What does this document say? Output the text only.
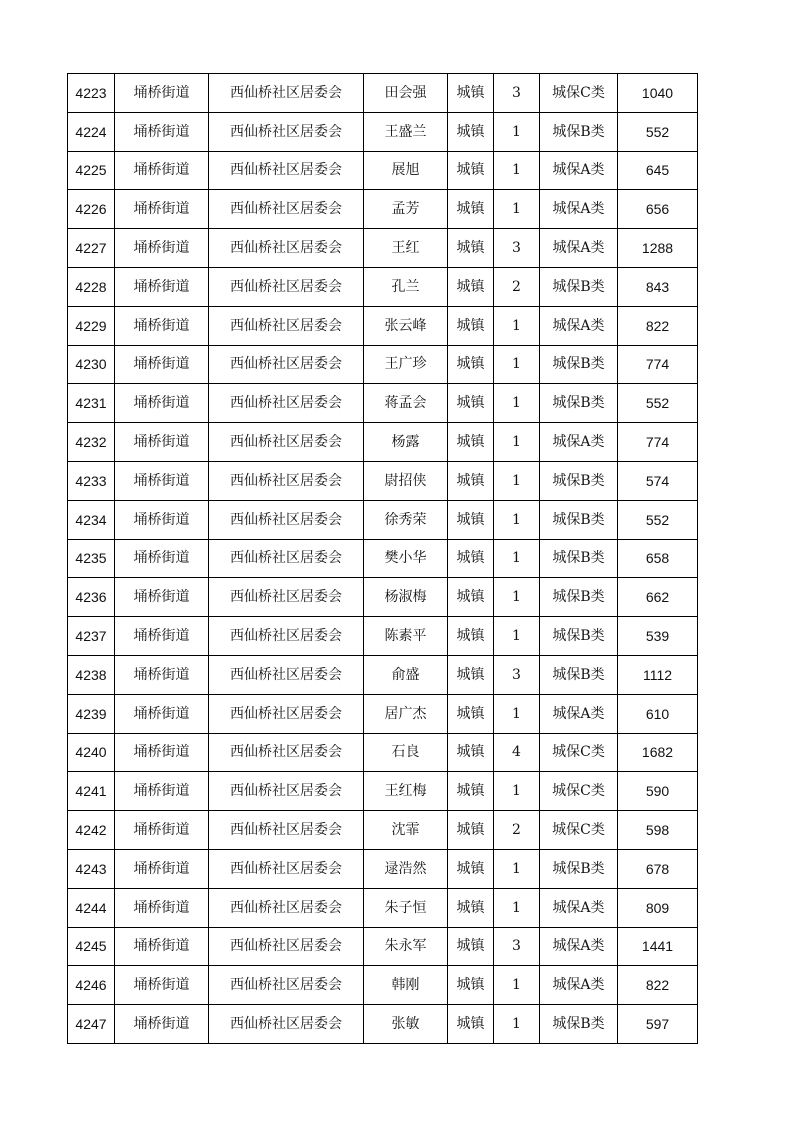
4223	埇桥街道	西仙桥社区居委会	田会强	城镇	3	城保C类	1040
4224	埇桥街道	西仙桥社区居委会	王盛兰	城镇	1	城保B类	552
4225	埇桥街道	西仙桥社区居委会	展旭	城镇	1	城保A类	645
4226	埇桥街道	西仙桥社区居委会	孟芳	城镇	1	城保A类	656
4227	埇桥街道	西仙桥社区居委会	王红	城镇	3	城保A类	1288
4228	埇桥街道	西仙桥社区居委会	孔兰	城镇	2	城保B类	843
4229	埇桥街道	西仙桥社区居委会	张云峰	城镇	1	城保A类	822
4230	埇桥街道	西仙桥社区居委会	王广珍	城镇	1	城保B类	774
4231	埇桥街道	西仙桥社区居委会	蒋孟会	城镇	1	城保B类	552
4232	埇桥街道	西仙桥社区居委会	杨露	城镇	1	城保A类	774
4233	埇桥街道	西仙桥社区居委会	尉招侠	城镇	1	城保B类	574
4234	埇桥街道	西仙桥社区居委会	徐秀荣	城镇	1	城保B类	552
4235	埇桥街道	西仙桥社区居委会	樊小华	城镇	1	城保B类	658
4236	埇桥街道	西仙桥社区居委会	杨淑梅	城镇	1	城保B类	662
4237	埇桥街道	西仙桥社区居委会	陈素平	城镇	1	城保B类	539
4238	埇桥街道	西仙桥社区居委会	俞盛	城镇	3	城保B类	1112
4239	埇桥街道	西仙桥社区居委会	居广杰	城镇	1	城保A类	610
4240	埇桥街道	西仙桥社区居委会	石良	城镇	4	城保C类	1682
4241	埇桥街道	西仙桥社区居委会	王红梅	城镇	1	城保C类	590
4242	埇桥街道	西仙桥社区居委会	沈霏	城镇	2	城保C类	598
4243	埇桥街道	西仙桥社区居委会	逯浩然	城镇	1	城保B类	678
4244	埇桥街道	西仙桥社区居委会	朱子恒	城镇	1	城保A类	809
4245	埇桥街道	西仙桥社区居委会	朱永军	城镇	3	城保A类	1441
4246	埇桥街道	西仙桥社区居委会	韩刚	城镇	1	城保A类	822
4247	埇桥街道	西仙桥社区居委会	张敏	城镇	1	城保B类	597
